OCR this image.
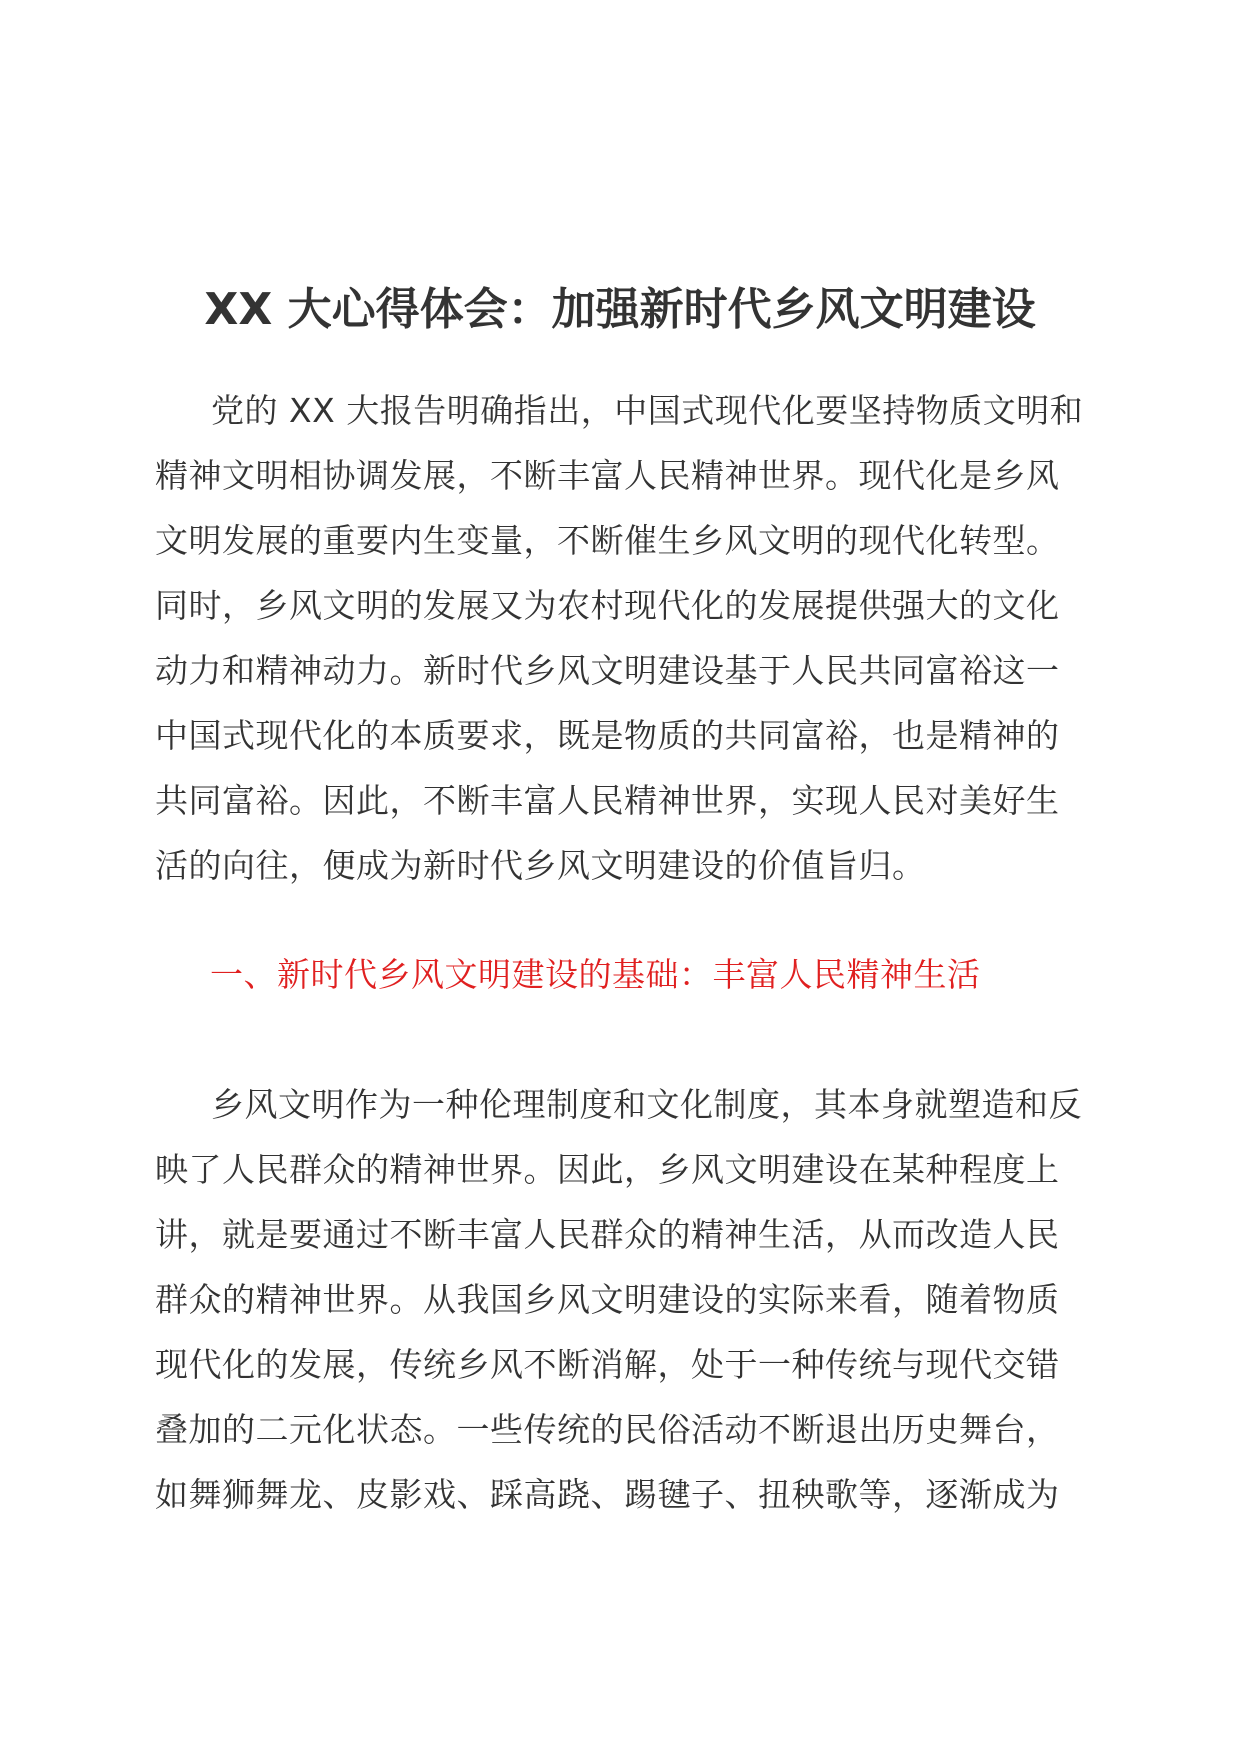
XX 大心得体会：加强新时代乡风文明建设
党的 XX 大报告明确指出，中国式现代化要坚持物质文明和
精神文明相协调发展，不断丰富人民精神世界。现代化是乡风
文明发展的重要内生变量，不断催生乡风文明的现代化转型。
同时，乡风文明的发展又为农村现代化的发展提供强大的文化
动力和精神动力。新时代乡风文明建设基于人民共同富裕这一
中国式现代化的本质要求，既是物质的共同富裕，也是精神的
共同富裕。因此，不断丰富人民精神世界，实现人民对美好生
活的向往，便成为新时代乡风文明建设的价值旨归。
一、新时代乡风文明建设的基础：丰富人民精神生活
乡风文明作为一种伦理制度和文化制度，其本身就塑造和反
映了人民群众的精神世界。因此，乡风文明建设在某种程度上
讲，就是要通过不断丰富人民群众的精神生活，从而改造人民
群众的精神世界。从我国乡风文明建设的实际来看，随着物质
现代化的发展，传统乡风不断消解，处于一种传统与现代交错
叠加的二元化状态。一些传统的民俗活动不断退出历史舞台，
如舞狮舞龙、皮影戏、踩高跷、踢毽子、扭秧歌等，逐渐成为
